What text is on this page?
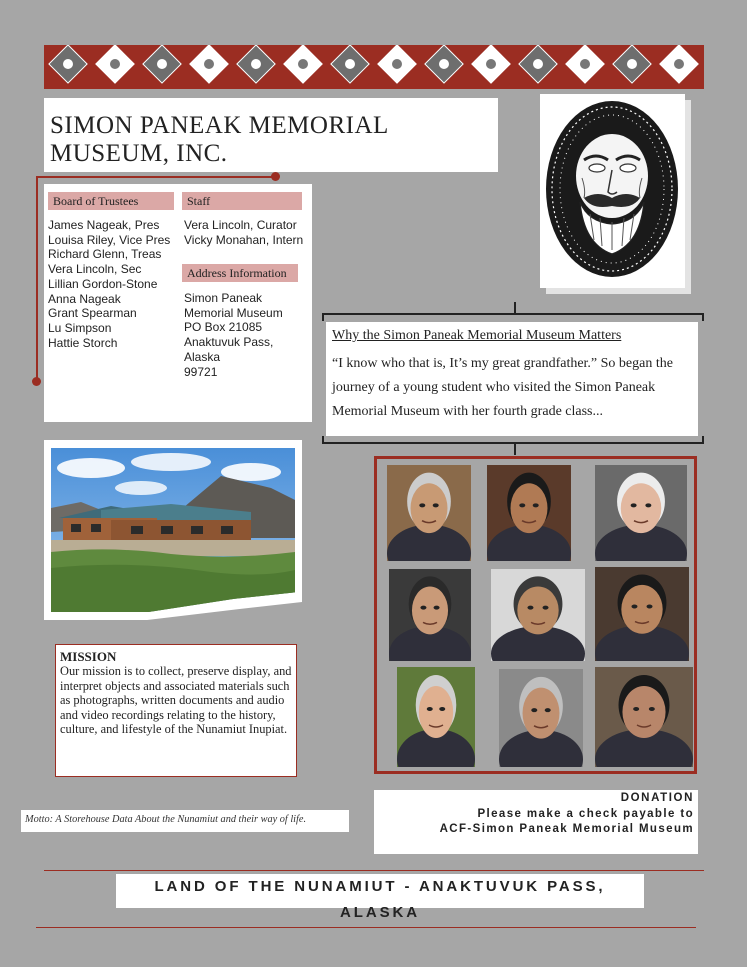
SIMON PANEAK MEMORIAL MUSEUM, INC.
Board of Trustees
James Nageak, Pres
Louisa Riley, Vice Pres
Richard Glenn, Treas
Vera Lincoln, Sec
Lillian Gordon-Stone
Anna Nageak
Grant Spearman
Lu Simpson
Hattie Storch
Staff
Vera Lincoln, Curator
Vicky Monahan, Intern
Address Information
Simon Paneak
Memorial Museum
PO Box 21085
Anaktuvuk Pass,
Alaska
99721
Why the Simon Paneak Memorial Museum Matters
“I know who that is, It’s my great grandfather.” So began the journey of a young student who visited the Simon Paneak Memorial Museum with her fourth grade class...
MISSION
Our mission is to collect, preserve display, and interpret objects and associated materials such as photographs, written documents and audio and video recordings relating to the history, culture, and lifestyle of the Nunamiut Inupiat.
Motto: A Storehouse Data About the Nunamiut and their way of life.
DONATION
Please make a check payable to
ACF-Simon Paneak Memorial Museum
LAND OF THE NUNAMIUT - ANAKTUVUK PASS, ALASKA
